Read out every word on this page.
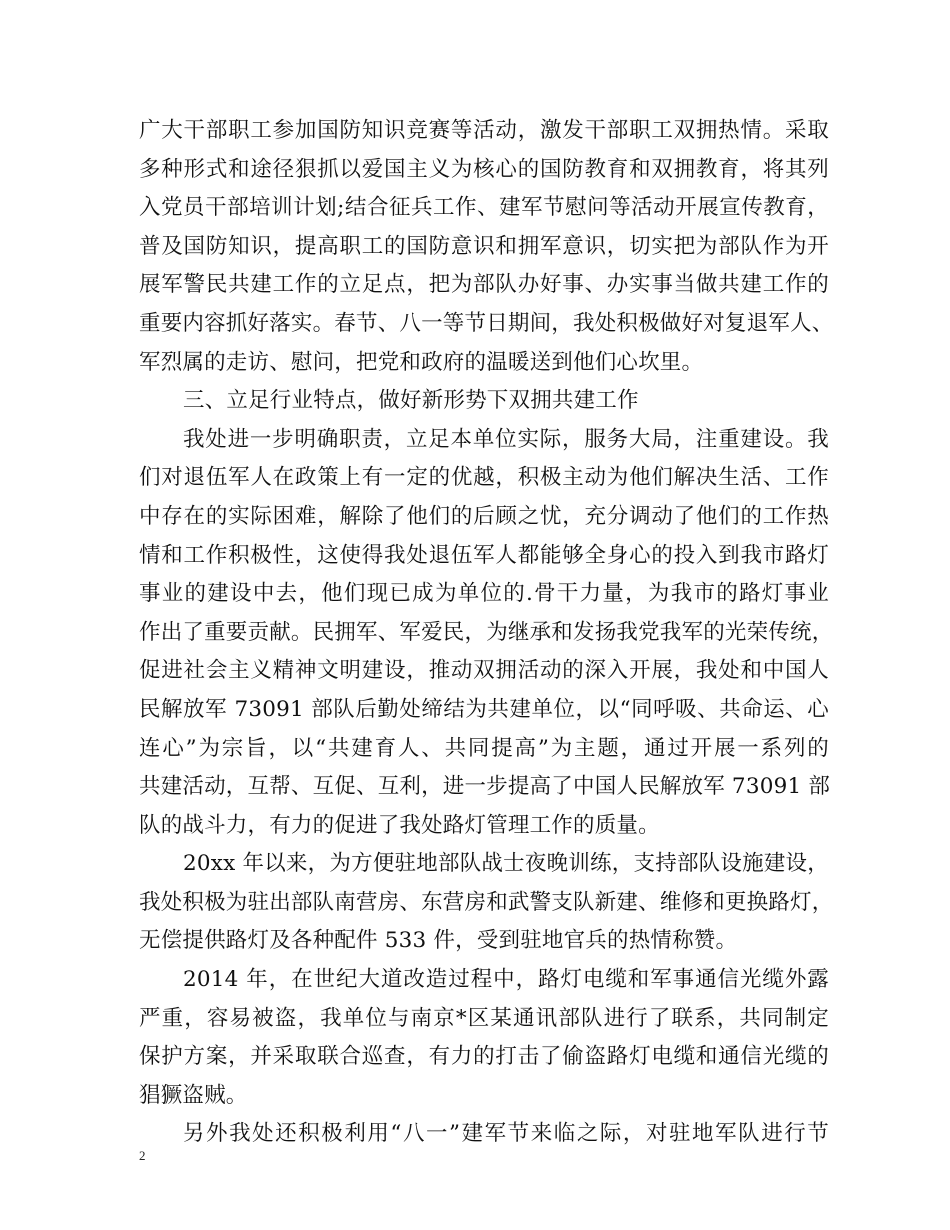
广大干部职工参加国防知识竞赛等活动，激发干部职工双拥热情。采取
多种形式和途径狠抓以爱国主义为核心的国防教育和双拥教育，将其列
入党员干部培训计划;结合征兵工作、建军节慰问等活动开展宣传教育，
普及国防知识，提高职工的国防意识和拥军意识，切实把为部队作为开
展军警民共建工作的立足点，把为部队办好事、办实事当做共建工作的
重要内容抓好落实。春节、八一等节日期间，我处积极做好对复退军人、
军烈属的走访、慰问，把党和政府的温暖送到他们心坎里。
三、立足行业特点，做好新形势下双拥共建工作
我处进一步明确职责，立足本单位实际，服务大局，注重建设。我
们对退伍军人在政策上有一定的优越，积极主动为他们解决生活、工作
中存在的实际困难，解除了他们的后顾之忧，充分调动了他们的工作热
情和工作积极性，这使得我处退伍军人都能够全身心的投入到我市路灯
事业的建设中去，他们现已成为单位的.骨干力量，为我市的路灯事业
作出了重要贡献。民拥军、军爱民，为继承和发扬我党我军的光荣传统，
促进社会主义精神文明建设，推动双拥活动的深入开展，我处和中国人
民解放军 73091 部队后勤处缔结为共建单位，以“同呼吸、共命运、心
连心”为宗旨，以“共建育人、共同提高”为主题，通过开展一系列的
共建活动，互帮、互促、互利，进一步提高了中国人民解放军 73091 部
队的战斗力，有力的促进了我处路灯管理工作的质量。
20xx 年以来，为方便驻地部队战士夜晚训练，支持部队设施建设，
我处积极为驻出部队南营房、东营房和武警支队新建、维修和更换路灯，
无偿提供路灯及各种配件 533 件，受到驻地官兵的热情称赞。
2014 年，在世纪大道改造过程中，路灯电缆和军事通信光缆外露
严重，容易被盗，我单位与南京*区某通讯部队进行了联系，共同制定
保护方案，并采取联合巡查，有力的打击了偷盗路灯电缆和通信光缆的
猖獗盗贼。
另外我处还积极利用“八一”建军节来临之际，对驻地军队进行节
2
